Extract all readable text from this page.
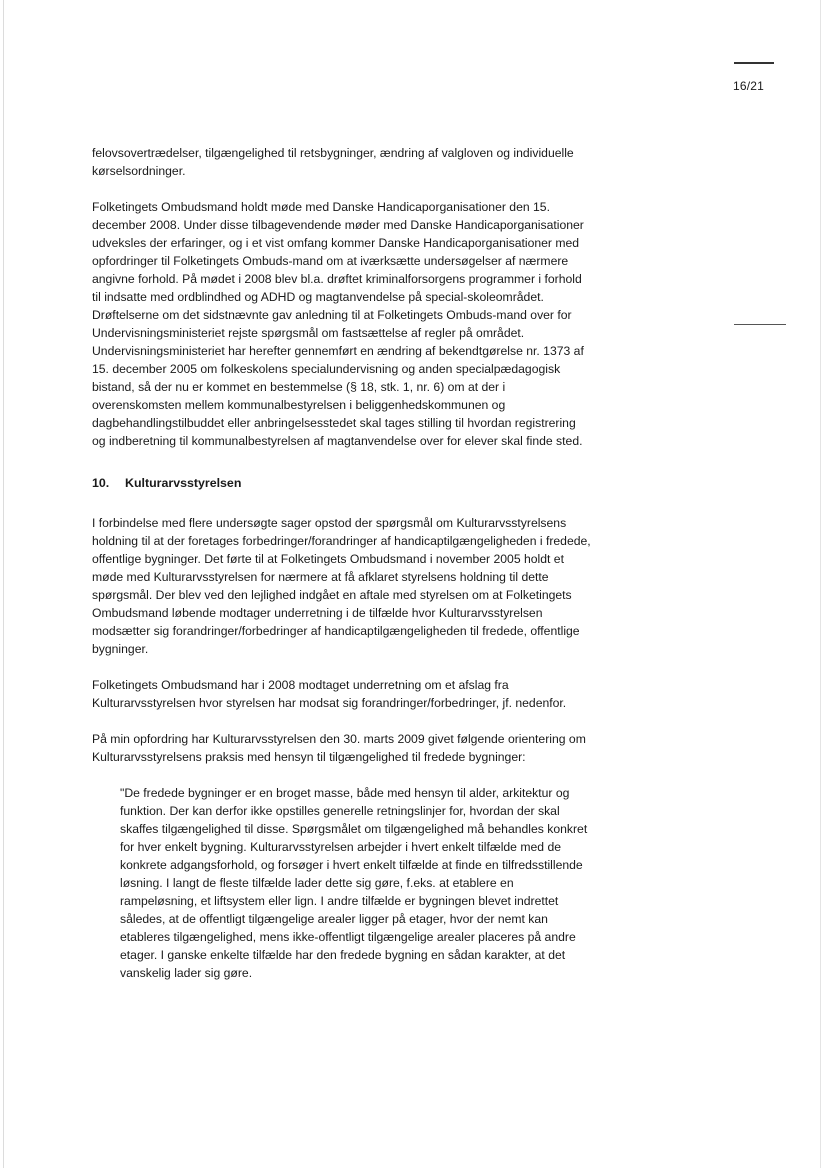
16/21

felovsovertrædelser, tilgængelighed til retsbygninger, ændring af valgloven og individuelle kørselsordninger.

Folketingets Ombudsmand holdt møde med Danske Handicaporganisationer den 15. december 2008. Under disse tilbagevendende møder med Danske Handicaporganisationer udveksles der erfaringer, og i et vist omfang kommer Danske Handicaporganisationer med opfordringer til Folketingets Ombuds-mand om at iværksætte undersøgelser af nærmere angivne forhold. På mødet i 2008 blev bl.a. drøftet kriminalforsorgens programmer i forhold til indsatte med ordblindhed og ADHD og magtanvendelse på special-skoleområdet. Drøftelserne om det sidstnævnte gav anledning til at Folketingets Ombuds-mand over for Undervisningsministeriet rejste spørgsmål om fastsættelse af regler på området. Undervisningsministeriet har herefter gennemført en ændring af bekendtgørelse nr. 1373 af 15. december 2005 om folkeskolens specialundervisning og anden specialpædagogisk bistand, så der nu er kommet en bestemmelse (§ 18, stk. 1, nr. 6) om at der i overenskomsten mellem kommunalbestyrelsen i beliggenhedskommunen og dagbehandlingstilbuddet eller anbringelsesstedet skal tages stilling til hvordan registrering og indberetning til kommunalbestyrelsen af magtanvendelse over for elever skal finde sted.

10.	Kulturarvsstyrelsen

I forbindelse med flere undersøgte sager opstod der spørgsmål om Kulturarvsstyrelsens holdning til at der foretages forbedringer/forandringer af handicaptilgængeligheden i fredede, offentlige bygninger. Det førte til at Folketingets Ombudsmand i november 2005 holdt et møde med Kulturarvsstyrelsen for nærmere at få afklaret styrelsens holdning til dette spørgsmål. Der blev ved den lejlighed indgået en aftale med styrelsen om at Folketingets Ombudsmand løbende modtager underretning i de tilfælde hvor Kulturarvsstyrelsen modsætter sig forandringer/forbedringer af handicaptilgængeligheden til fredede, offentlige bygninger.

Folketingets Ombudsmand har i 2008 modtaget underretning om et afslag fra Kulturarvsstyrelsen hvor styrelsen har modsat sig forandringer/forbedringer, jf. nedenfor.

På min opfordring har Kulturarvsstyrelsen den 30. marts 2009 givet følgende orientering om Kulturarvsstyrelsens praksis med hensyn til tilgængelighed til fredede bygninger:

"De fredede bygninger er en broget masse, både med hensyn til alder, arkitektur og funktion. Der kan derfor ikke opstilles generelle retningslinjer for, hvordan der skal skaffes tilgængelighed til disse. Spørgsmålet om tilgængelighed må behandles konkret for hver enkelt bygning. Kulturarvsstyrelsen arbejder i hvert enkelt tilfælde med de konkrete adgangsforhold, og forsøger i hvert enkelt tilfælde at finde en tilfredsstillende løsning. I langt de fleste tilfælde lader dette sig gøre, f.eks. at etablere en rampeløsning, et liftsystem eller lign. I andre tilfælde er bygningen blevet indrettet således, at de offentligt tilgængelige arealer ligger på etager, hvor der nemt kan etableres tilgængelighed, mens ikke-offentligt tilgængelige arealer placeres på andre etager. I ganske enkelte tilfælde har den fredede bygning en sådan karakter, at det vanskelig lader sig gøre.
